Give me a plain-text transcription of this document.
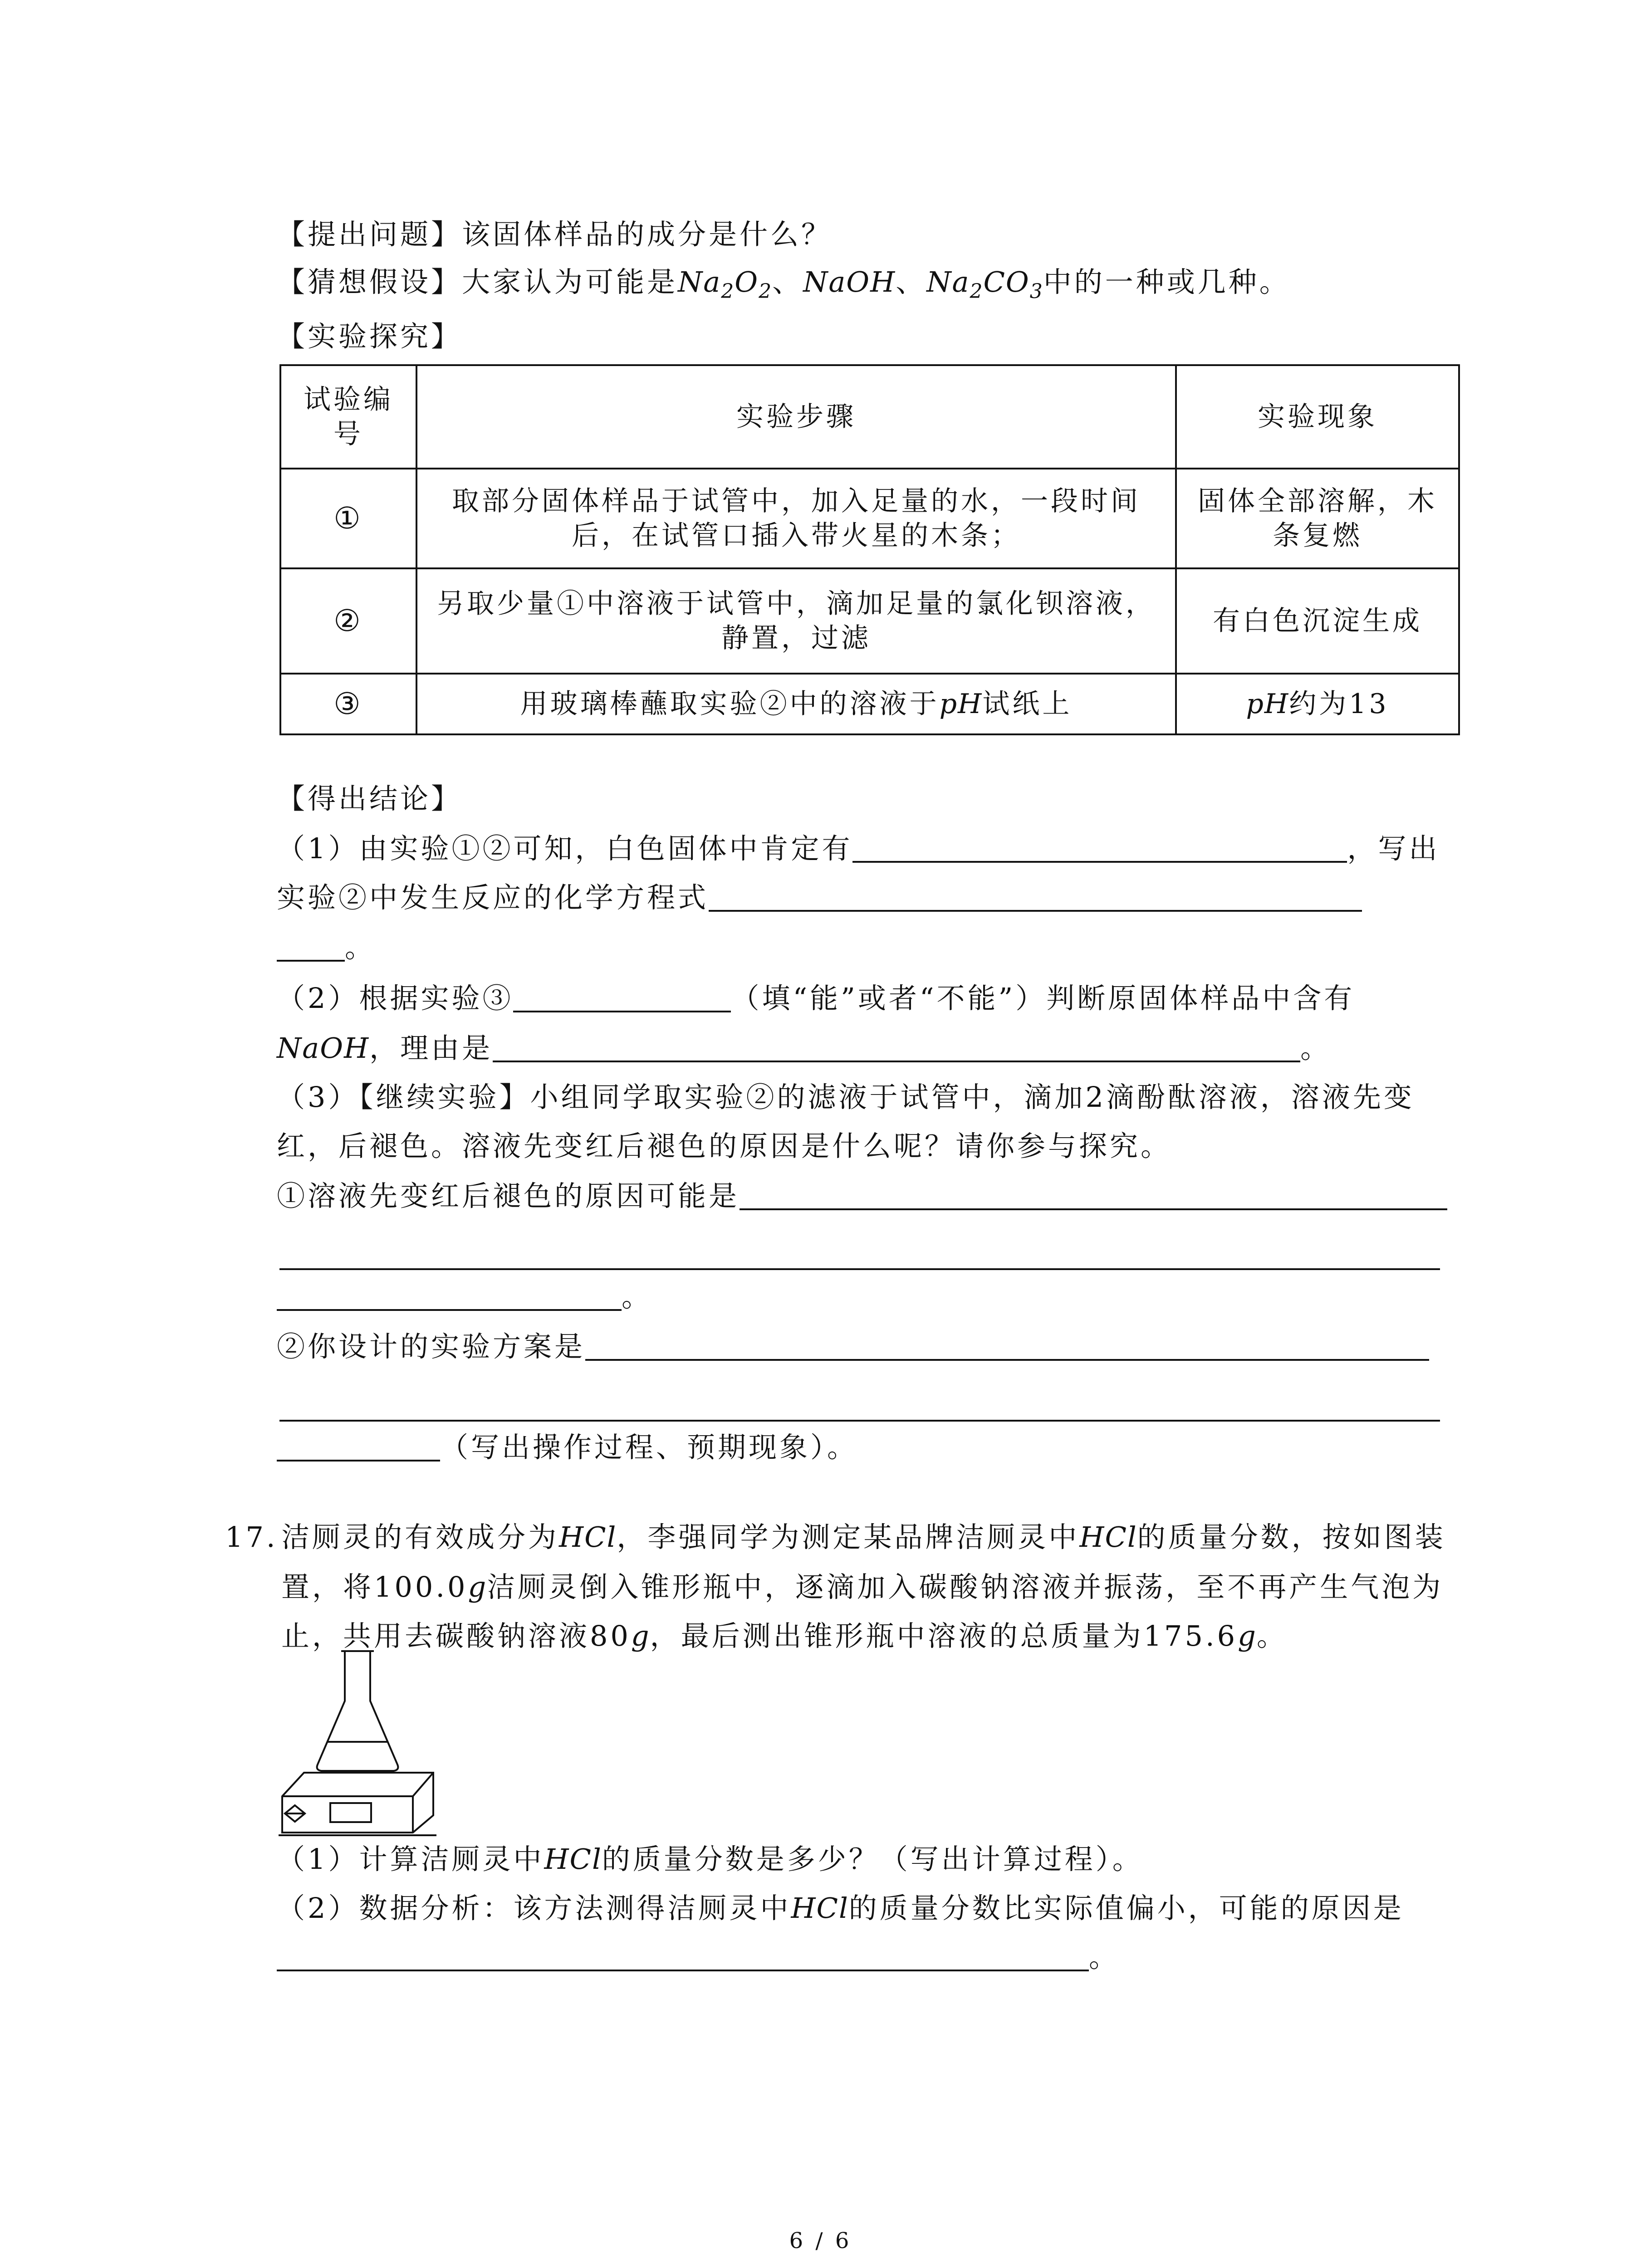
【提出问题】该固体样品的成分是什么？
【猜想假设】大家认为可能是$Na_2O_2$、NaOH、$Na_2CO_3$中的一种或几种。
【实验探究】
试验编号	实验步骤	实验现象
①	取部分固体样品于试管中，加入足量的水，一段时间后，在试管口插入带火星的木条；	固体全部溶解，木条复燃
②	另取少量①中溶液于试管中，滴加足量的氯化钡溶液，静置，过滤	有白色沉淀生成
③	用玻璃棒蘸取实验②中的溶液于pH试纸上	pH约为13
【得出结论】
（1）由实验①②可知，白色固体中肯定有	，写出
实验②中发生反应的化学方程式
。
（2）根据实验③	（填“能”或者“不能”）判断原固体样品中含有
NaOH，理由是	。
（3）【继续实验】小组同学取实验②的滤液于试管中，滴加2滴酚酞溶液，溶液先变
红，后褪色。溶液先变红后褪色的原因是什么呢？请你参与探究。
①溶液先变红后褪色的原因可能是
。
②你设计的实验方案是
（写出操作过程、预期现象）。
17. 洁厕灵的有效成分为HCl，李强同学为测定某品牌洁厕灵中HCl的质量分数，按如图装
置，将100.0g洁厕灵倒入锥形瓶中，逐滴加入碳酸钠溶液并振荡，至不再产生气泡为
止，共用去碳酸钠溶液80g，最后测出锥形瓶中溶液的总质量为175.6g。
（1）计算洁厕灵中HCl的质量分数是多少？（写出计算过程）。
（2）数据分析：该方法测得洁厕灵中HCl的质量分数比实际值偏小，可能的原因是
。
6 / 6
